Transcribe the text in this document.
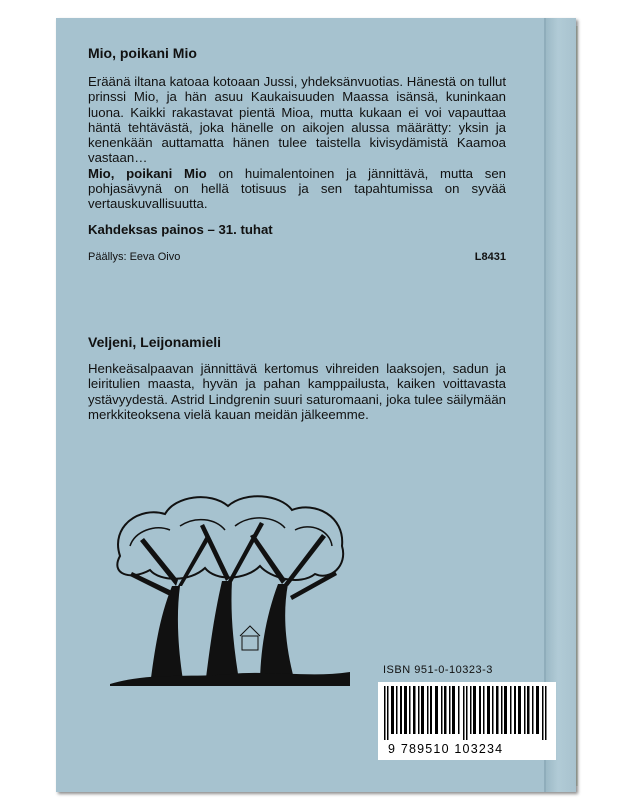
Mio, poikani Mio

Eräänä iltana katoaa kotoaan Jussi, yhdeksänvuotias. Hänestä on tullut prinssi Mio, ja hän asuu Kaukaisuuden Maassa isänsä, kuninkaan luona. Kaikki rakastavat pientä Mioa, mutta kukaan ei voi vapauttaa häntä tehtävästä, joka hänelle on aikojen alussa määrätty: yksin ja kenenkään auttamatta hänen tulee taistella kivisydämistä Kaamoa vastaan…

Mio, poikani Mio on huimalentoinen ja jännittävä, mutta sen pohjasävynä on hellä totisuus ja sen tapahtumissa on syvää vertauskuvallisuutta.

Kahdeksas painos – 31. tuhat

Päällys: Eeva Oivo	L8431

Veljeni, Leijonamieli

Henkeäsalpaavan jännittävä kertomus vihreiden laaksojen, sadun ja leiritulien maasta, hyvän ja pahan kamppailusta, kaiken voittavasta ystävyydestä. Astrid Lindgrenin suuri saturomaani, joka tulee säilymään merkkiteoksena vielä kauan meidän jälkeemme.

ISBN 951-0-10323-3
9 789510 103234
